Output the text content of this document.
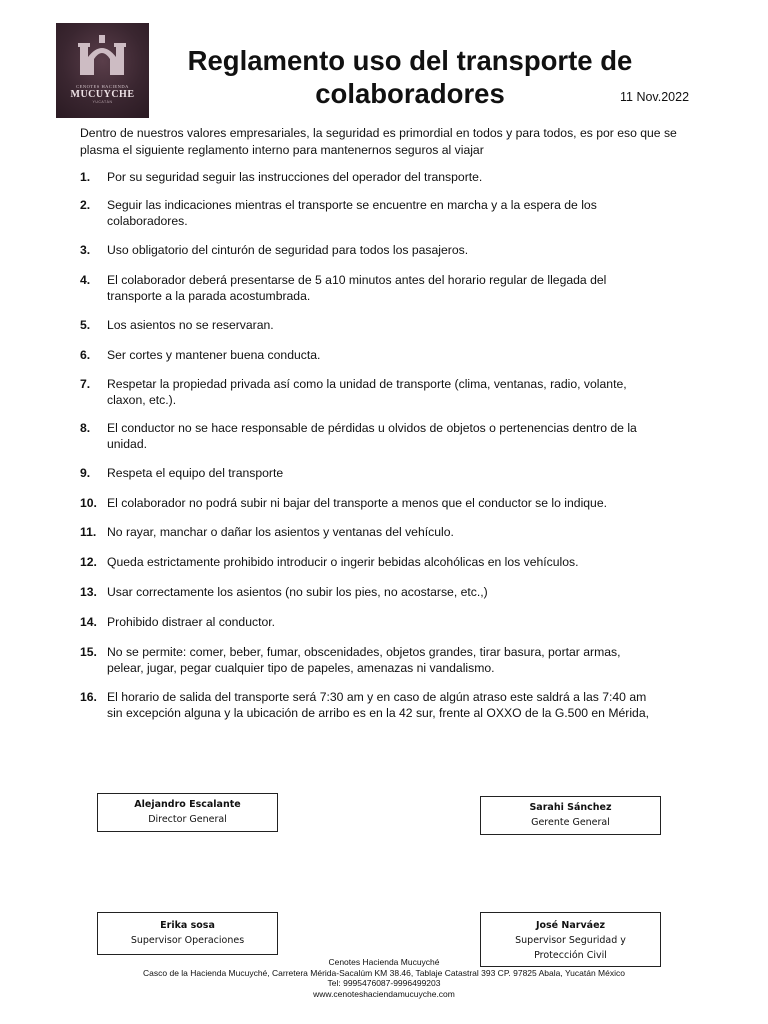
CENOTES HACIENDA
MUCUYCHE
YUCATÁN
Reglamento uso del transporte de
colaboradores	11 Nov.2022
Dentro de nuestros valores empresariales, la seguridad es primordial en todos y para todos, es por eso que se plasma el siguiente reglamento interno para mantenernos seguros al viajar
1. Por su seguridad seguir las instrucciones del operador del transporte.
2. Seguir las indicaciones mientras el transporte se encuentre en marcha y a la espera de los colaboradores.
3. Uso obligatorio del cinturón de seguridad para todos los pasajeros.
4. El colaborador deberá presentarse de 5 a10 minutos antes del horario regular de llegada del transporte a la parada acostumbrada.
5. Los asientos no se reservaran.
6. Ser cortes y mantener buena conducta.
7. Respetar la propiedad privada así como la unidad de transporte (clima, ventanas, radio, volante, claxon, etc.).
8. El conductor no se hace responsable de pérdidas u olvidos de objetos o pertenencias dentro de la unidad.
9. Respeta el equipo del transporte
10. El colaborador no podrá subir ni bajar del transporte a menos que el conductor se lo indique.
11. No rayar, manchar o dañar los asientos y ventanas del vehículo.
12. Queda estrictamente prohibido introducir o ingerir bebidas alcohólicas en los vehículos.
13. Usar correctamente los asientos (no subir los pies, no acostarse, etc.,)
14. Prohibido distraer al conductor.
15. No se permite: comer, beber, fumar, obscenidades, objetos grandes, tirar basura, portar armas, pelear, jugar, pegar cualquier tipo de papeles, amenazas ni vandalismo.
16. El horario de salida del transporte será 7:30 am y en caso de algún atraso este saldrá a las 7:40 am sin excepción alguna y la ubicación de arribo es en la 42 sur, frente al OXXO de la G.500 en Mérida,
Alejandro Escalante
Director General
Sarahi Sánchez
Gerente General
Erika sosa
Supervisor Operaciones
José Narváez
Supervisor Seguridad y
Protección Civil
Cenotes Hacienda Mucuyché
Casco de la Hacienda Mucuyché, Carretera Mérida-Sacalúm KM 38.46, Tablaje Catastral 393 CP. 97825 Abala, Yucatán México
Tel: 9995476087-9996499203
www.cenoteshaciendamucuyche.com
